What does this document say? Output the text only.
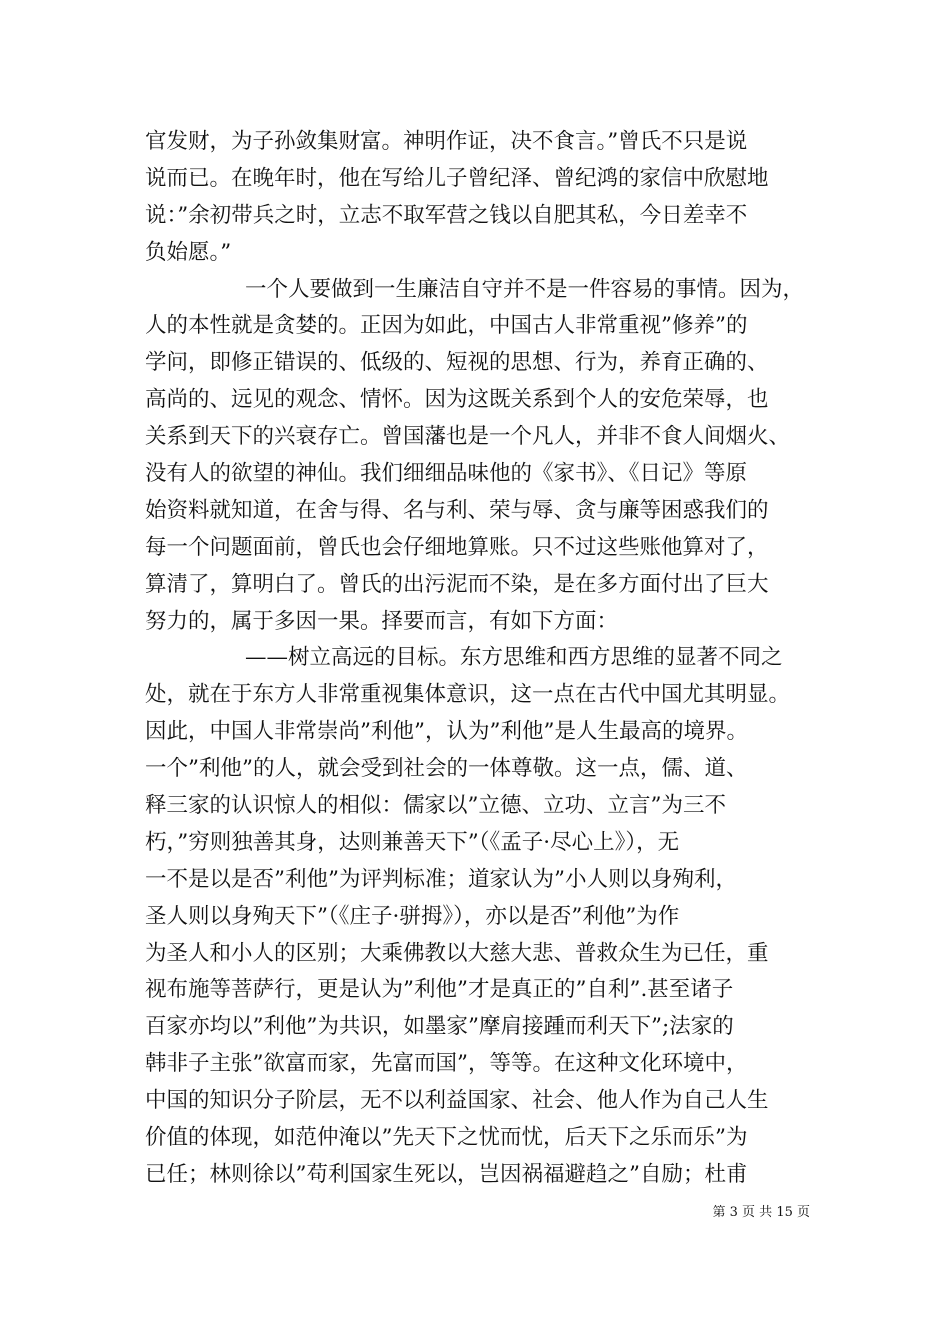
官发财，为子孙敛集财富。神明作证，决不食言。”曾氏不只是说
说而已。在晚年时，他在写给儿子曾纪泽、曾纪鸿的家信中欣慰地
说：”余初带兵之时，立志不取军营之钱以自肥其私，今日差幸不
负始愿。”
一个人要做到一生廉洁自守并不是一件容易的事情。因为，
人的本性就是贪婪的。正因为如此，中国古人非常重视”修养”的
学问，即修正错误的、低级的、短视的思想、行为，养育正确的、
高尚的、远见的观念、情怀。因为这既关系到个人的安危荣辱，也
关系到天下的兴衰存亡。曾国藩也是一个凡人，并非不食人间烟火、
没有人的欲望的神仙。我们细细品味他的《家书》、《日记》等原
始资料就知道，在舍与得、名与利、荣与辱、贪与廉等困惑我们的
每一个问题面前，曾氏也会仔细地算账。只不过这些账他算对了，
算清了，算明白了。曾氏的出污泥而不染，是在多方面付出了巨大
努力的，属于多因一果。择要而言，有如下方面：
——树立高远的目标。东方思维和西方思维的显著不同之
处，就在于东方人非常重视集体意识，这一点在古代中国尤其明显。
因此，中国人非常崇尚”利他”，认为”利他”是人生最高的境界。
一个”利他”的人，就会受到社会的一体尊敬。这一点，儒、道、
释三家的认识惊人的相似：儒家以”立德、立功、立言”为三不
朽，”穷则独善其身，达则兼善天下”（《孟子·尽心上》），无
一不是以是否”利他”为评判标准；道家认为”小人则以身殉利，
圣人则以身殉天下”（《庄子·骈拇》），亦以是否”利他”为作
为圣人和小人的区别；大乘佛教以大慈大悲、普救众生为已任，重
视布施等菩萨行，更是认为”利他”才是真正的”自利”.甚至诸子
百家亦均以”利他”为共识，如墨家”摩肩接踵而利天下”;法家的
韩非子主张”欲富而家，先富而国”，等等。在这种文化环境中，
中国的知识分子阶层，无不以利益国家、社会、他人作为自己人生
价值的体现，如范仲淹以”先天下之忧而忧，后天下之乐而乐”为
已任；林则徐以”苟利国家生死以，岂因祸福避趋之”自励；杜甫
第 3 页 共 15 页
